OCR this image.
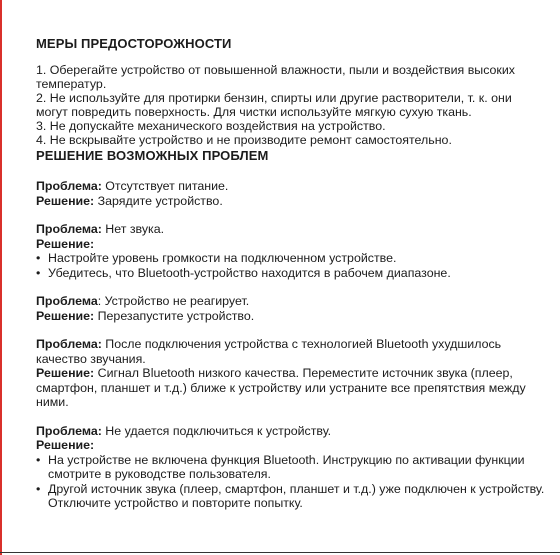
МЕРЫ ПРЕДОСТОРОЖНОСТИ

1. Оберегайте устройство от повышенной влажности, пыли и воздействия высоких температур.

2. Не используйте для протирки бензин, спирты или другие растворители, т. к. они могут повредить поверхность. Для чистки используйте мягкую сухую ткань.

3. Не допускайте механического воздействия на устройство.

4. Не вскрывайте устройство и не производите ремонт самостоятельно.

РЕШЕНИЕ ВОЗМОЖНЫХ ПРОБЛЕМ

Проблема: Отсутствует питание.

Решение: Зарядите устройство.

Проблема: Нет звука.

Решение:

• Настройте уровень громкости на подключенном устройстве.
• Убедитесь, что Bluetooth-устройство находится в рабочем диапазоне.

Проблема: Устройство не реагирует.

Решение: Перезапустите устройство.

Проблема: После подключения устройства с технологией Bluetooth ухудшилось качество звучания.

Решение: Сигнал Bluetooth низкого качества. Переместите источник звука (плеер, смартфон, планшет и т.д.) ближе к устройству или устраните все препятствия между ними.

Проблема: Не удается подключиться к устройству.

Решение:

• На устройстве не включена функция Bluetooth. Инструкцию по активации функции смотрите в руководстве пользователя.
• Другой источник звука (плеер, смартфон, планшет и т.д.) уже подключен к устройству. Отключите устройство и повторите попытку.
